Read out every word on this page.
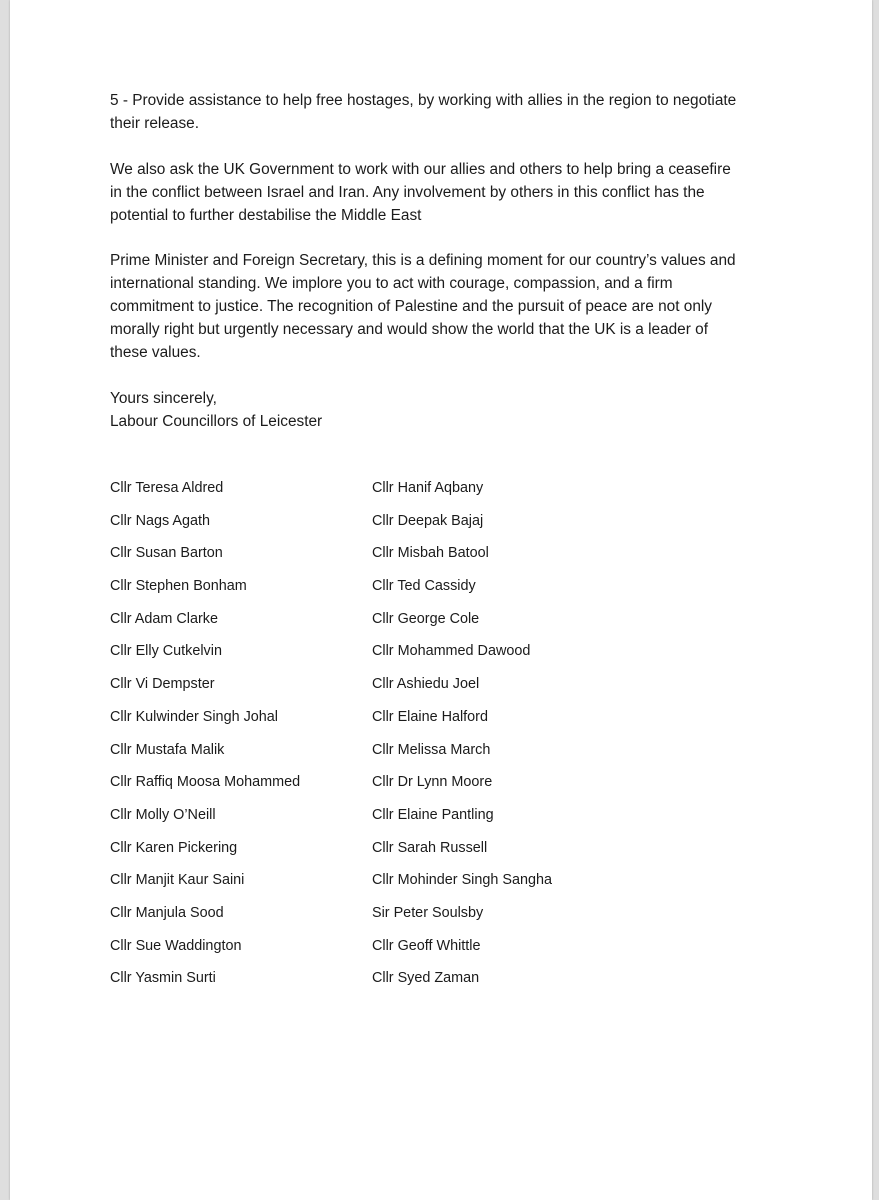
5 - Provide assistance to help free hostages, by working with allies in the region to negotiate
their release.
We also ask the UK Government to work with our allies and others to help bring a ceasefire
in the conflict between Israel and Iran. Any involvement by others in this conflict has the
potential to further destabilise the Middle East
Prime Minister and Foreign Secretary, this is a defining moment for our country’s values and
international standing. We implore you to act with courage, compassion, and a firm
commitment to justice. The recognition of Palestine and the pursuit of peace are not only
morally right but urgently necessary and would show the world that the UK is a leader of
these values.
Yours sincerely,
Labour Councillors of Leicester
Cllr Teresa Aldred
Cllr Nags Agath
Cllr Susan Barton
Cllr Stephen Bonham
Cllr Adam Clarke
Cllr Elly Cutkelvin
Cllr Vi Dempster
Cllr Kulwinder Singh Johal
Cllr Mustafa Malik
Cllr Raffiq Moosa Mohammed
Cllr Molly O’Neill
Cllr Karen Pickering
Cllr Manjit Kaur Saini
Cllr Manjula Sood
Cllr Sue Waddington
Cllr Yasmin Surti
Cllr Hanif Aqbany
Cllr Deepak Bajaj
Cllr Misbah Batool
Cllr Ted Cassidy
Cllr George Cole
Cllr Mohammed Dawood
Cllr Ashiedu Joel
Cllr Elaine Halford
Cllr Melissa March
Cllr Dr Lynn Moore
Cllr Elaine Pantling
Cllr Sarah Russell
Cllr Mohinder Singh Sangha
Sir Peter Soulsby
Cllr Geoff Whittle
Cllr Syed Zaman
